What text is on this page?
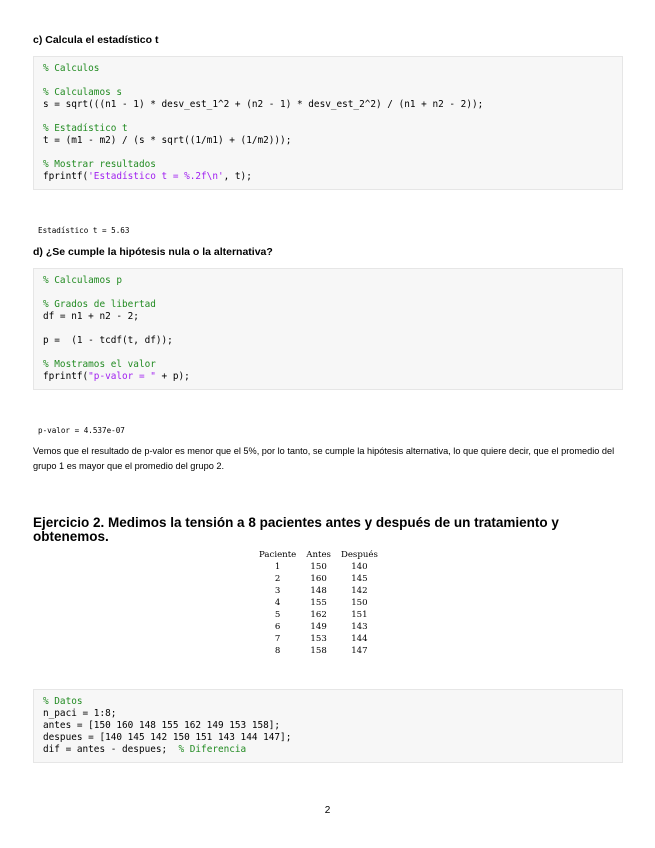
c) Calcula el estadístico t
% Calculos
% Calculamos s
s = sqrt(((n1 - 1) * desv_est_1^2 + (n2 - 1) * desv_est_2^2) / (n1 + n2 - 2));
% Estadístico t
t = (m1 - m2) / (s * sqrt((1/m1) + (1/m2)));
% Mostrar resultados
fprintf('Estadístico t = %.2f\n', t);
Estadístico t = 5.63
d) ¿Se cumple la hipótesis nula o la alternativa?
% Calculamos p
% Grados de libertad
df = n1 + n2 - 2;
p =  (1 - tcdf(t, df));
% Mostramos el valor
fprintf("p-valor = " + p);
p-valor = 4.537e-07

Vemos que el resultado de p-valor es menor que el 5%, por lo tanto, se cumple la hipótesis alternativa, lo que quiere decir, que el promedio del grupo 1 es mayor que el promedio del grupo 2.

Ejercicio 2. Medimos la tensión a 8 pacientes antes y después de un tratamiento y obtenemos.
Paciente	Antes	Después
1	150	140
2	160	145
3	148	142
4	155	150
5	162	151
6	149	143
7	153	144
8	158	147
% Datos
n_paci = 1:8;
antes = [150 160 148 155 162 149 153 158];
despues = [140 145 142 150 151 143 144 147];
dif = antes - despues;  % Diferencia
2
